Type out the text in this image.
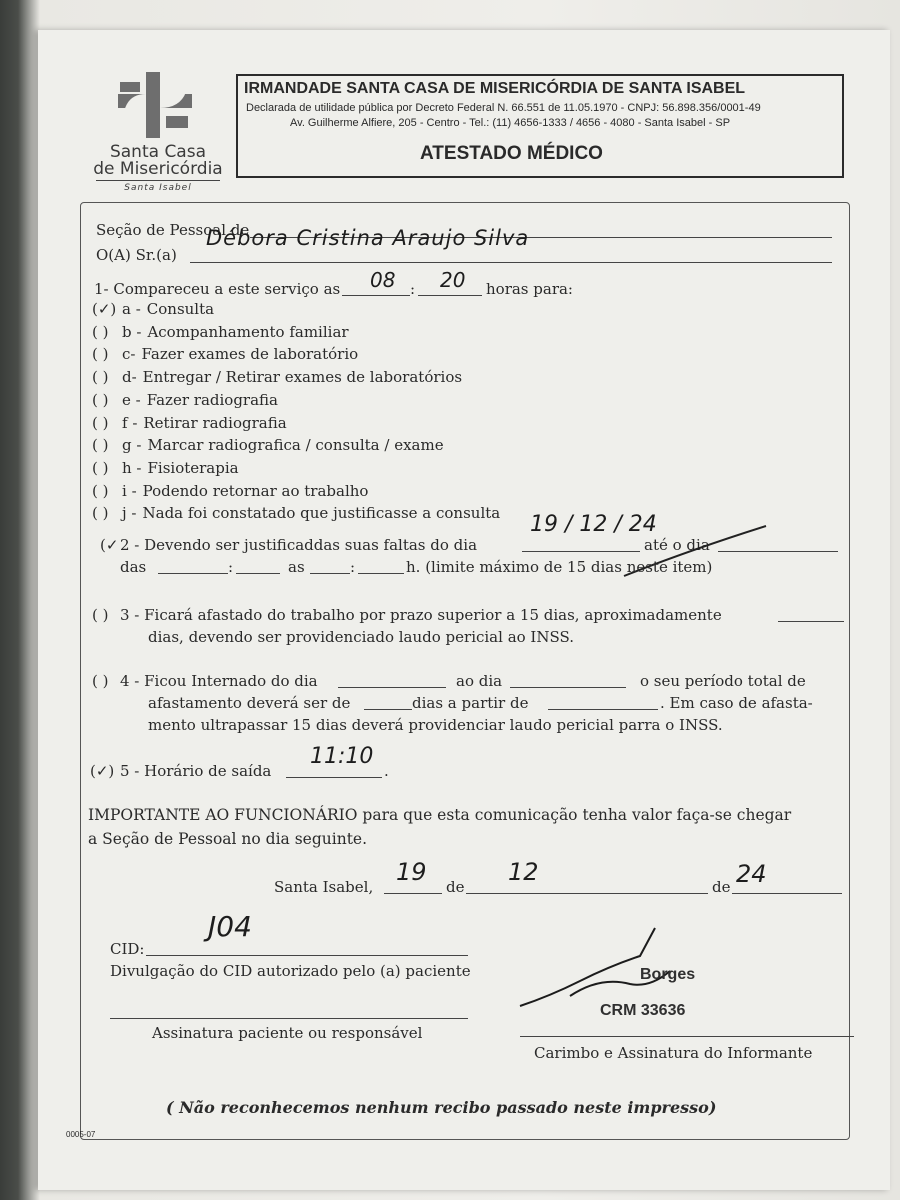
Santa Casa
de Misericórdia
Santa Isabel
IRMANDADE SANTA CASA DE MISERICÓRDIA DE SANTA ISABEL
Declarada de utilidade pública por Decreto Federal N. 66.551 de 11.05.1970 - CNPJ: 56.898.356/0001-49
Av. Guilherme Alfiere, 205 - Centro - Tel.: (11) 4656-1333 / 4656 - 4080 - Santa Isabel - SP
ATESTADO MÉDICO
Seção de Pessoal de
O(A) Sr.(a)
Débora Cristina Araujo Silva
1- Compareceu a este serviço as	:
08 20 horas para:
(✓) a - Consulta
( ) b - Acompanhamento familiar
( ) c- Fazer exames de laboratório
( ) d- Entregar / Retirar exames de laboratórios
( ) e - Fazer radiografia
( ) f - Retirar radiografia
( ) g - Marcar radiografica / consulta / exame
( ) h - Fisioterapia
( ) i - Podendo retornar ao trabalho
( ) j - Nada foi constatado que justificasse a consulta
(✓ 2 - Devendo ser justificaddas suas faltas do dia
19 / 12 / 24
até o dia
das	:	as	:	h. (limite máximo de 15 dias neste item)
( ) 3 - Ficará afastado do trabalho por prazo superior a 15 dias, aproximadamente
dias, devendo ser providenciado laudo pericial ao INSS.
( ) 4 - Ficou Internado do dia	ao dia	o seu período total de
afastamento deverá ser de	dias a partir de	. Em caso de afasta-
mento ultrapassar 15 dias deverá providenciar laudo pericial parra o INSS.
(✓) 5 - Horário de saída	.
11:10
IMPORTANTE AO FUNCIONÁRIO para que esta comunicação tenha valor faça-se chegar
a Seção de Pessoal no dia seguinte.
Santa Isabel,
19
de
12
de 24
CID:
J04
Divulgação do CID autorizado pelo (a) paciente
Assinatura paciente ou responsável
Borges
CRM 33636
Carimbo e Assinatura do Informante
( Não reconhecemos nenhum recibo passado neste impresso)
0005-07
